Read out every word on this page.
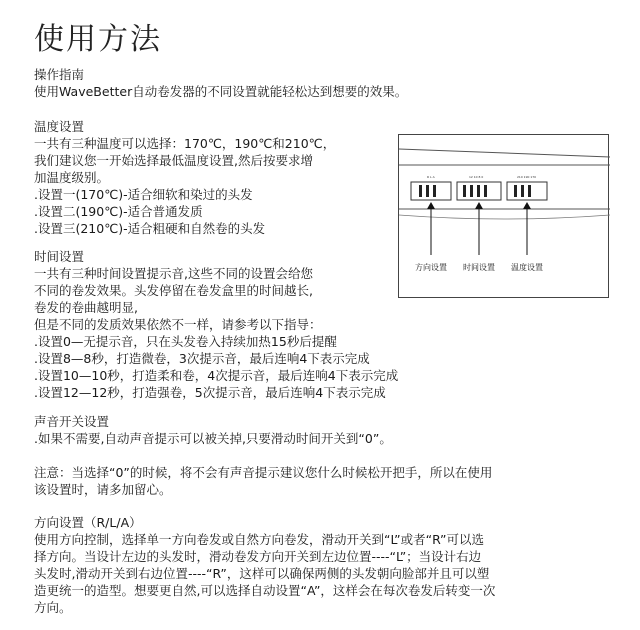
使用方法

操作指南

使用WaveBetter自动卷发器的不同设置就能轻松达到想要的效果。

温度设置

一共有三种温度可以选择：170℃，190℃和210℃，

我们建议您一开始选择最低温度设置,然后按要求增

加温度级别。

.设置一(170℃)-适合细软和染过的头发

.设置二(190℃)-适合普通发质

.设置三(210℃)-适合粗硬和自然卷的头发

时间设置

一共有三种时间设置提示音,这些不同的设置会给您

不同的卷发效果。头发停留在卷发盒里的时间越长,

卷发的卷曲越明显,

但是不同的发质效果依然不一样，请参考以下指导：

.设置0—无提示音，只在头发卷入持续加热15秒后提醒

.设置8—8秒，打造微卷，3次提示音，最后连响4下表示完成

.设置10—10秒，打造柔和卷，4次提示音，最后连响4下表示完成

.设置12—12秒，打造强卷，5次提示音，最后连响4下表示完成

声音开关设置

.如果不需要,自动声音提示可以被关掉,只要滑动时间开关到“0”。

注意：当选择“0”的时候，将不会有声音提示建议您什么时候松开把手，所以在使用

该设置时，请多加留心。

方向设置（R/L/A）

使用方向控制，选择单一方向卷发或自然方向卷发，滑动开关到“L”或者“R”可以选

择方向。当设计左边的头发时，滑动卷发方向开关到左边位置----“L”；当设计右边

头发时,滑动开关到右边位置----“R”，这样可以确保两侧的头发朝向脸部并且可以塑

造更统一的造型。想要更自然,可以选择自动设置“A”，这样会在每次卷发后转变一次

方向。

R L A	12 10 8 0	210 190 170
方向设置 时间设置 温度设置
